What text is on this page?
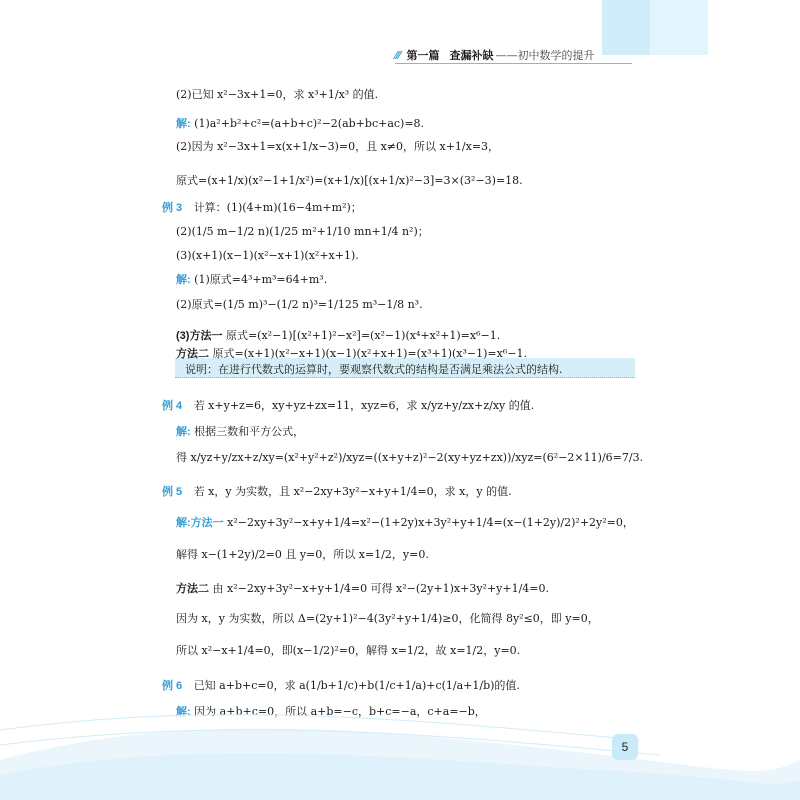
⁄⁄⁄ 第一篇 查漏补缺 ——初中数学的提升
(2)已知 x²−3x+1=0，求 x³+1/x³ 的值.
解: (1)a²+b²+c²=(a+b+c)²−2(ab+bc+ac)=8.
(2)因为 x²−3x+1=x(x+1/x−3)=0，且 x≠0，所以 x+1/x=3，
原式=(x+1/x)(x²−1+1/x²)=(x+1/x)[(x+1/x)²−3]=3×(3²−3)=18.
例 3 计算：(1)(4+m)(16−4m+m²)；
(2)(1/5 m−1/2 n)(1/25 m²+1/10 mn+1/4 n²)；
(3)(x+1)(x−1)(x²−x+1)(x²+x+1).
解: (1)原式=4³+m³=64+m³.
(2)原式=(1/5 m)³−(1/2 n)³=1/125 m³−1/8 n³.
(3)方法一 原式=(x²−1)[(x²+1)²−x²]=(x²−1)(x⁴+x²+1)=x⁶−1.
方法二 原式=(x+1)(x²−x+1)(x−1)(x²+x+1)=(x³+1)(x³−1)=x⁶−1.
说明：在进行代数式的运算时，要观察代数式的结构是否满足乘法公式的结构.
例 4 若 x+y+z=6，xy+yz+zx=11，xyz=6，求 x/yz+y/zx+z/xy 的值.
解: 根据三数和平方公式，
得 x/yz+y/zx+z/xy=(x²+y²+z²)/xyz=((x+y+z)²−2(xy+yz+zx))/xyz=(6²−2×11)/6=7/3.
例 5 若 x，y 为实数，且 x²−2xy+3y²−x+y+1/4=0，求 x，y 的值.
解:方法一 x²−2xy+3y²−x+y+1/4=x²−(1+2y)x+3y²+y+1/4=(x−(1+2y)/2)²+2y²=0，
解得 x−(1+2y)/2=0 且 y=0，所以 x=1/2，y=0.
方法二 由 x²−2xy+3y²−x+y+1/4=0 可得 x²−(2y+1)x+3y²+y+1/4=0.
因为 x，y 为实数，所以 Δ=(2y+1)²−4(3y²+y+1/4)≥0，化简得 8y²≤0，即 y=0，
所以 x²−x+1/4=0，即(x−1/2)²=0，解得 x=1/2，故 x=1/2，y=0.
例 6 已知 a+b+c=0，求 a(1/b+1/c)+b(1/c+1/a)+c(1/a+1/b)的值.
解: 因为 a+b+c=0，所以 a+b=−c，b+c=−a，c+a=−b，
5
